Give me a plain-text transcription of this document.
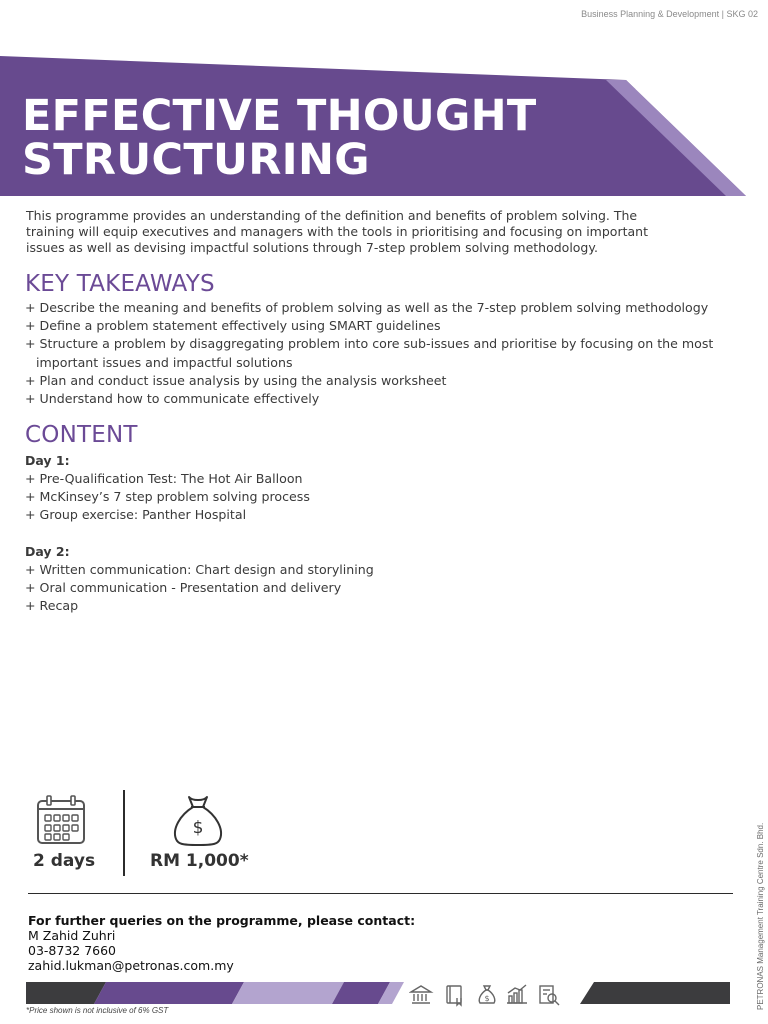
Business Planning & Development | SKG 02
EFFECTIVE THOUGHT
STRUCTURING
This programme provides an understanding of the definition and benefits of problem solving. The training will equip executives and managers with the tools in prioritising and focusing on important issues as well as devising impactful solutions through 7-step problem solving methodology.
KEY TAKEAWAYS
+ Describe the meaning and benefits of problem solving as well as the 7-step problem solving methodology
+ Define a problem statement effectively using SMART guidelines
+ Structure a problem by disaggregating problem into core sub-issues and prioritise by focusing on the most important issues and impactful solutions
+ Plan and conduct issue analysis by using the analysis worksheet
+ Understand how to communicate effectively
CONTENT
Day 1:
+ Pre-Qualification Test: The Hot Air Balloon
+ McKinsey’s 7 step problem solving process
+ Group exercise: Panther Hospital
Day 2:
+ Written communication: Chart design and storylining
+ Oral communication - Presentation and delivery
+ Recap
2 days
$
RM 1,000*
For further queries on the programme, please contact:
M Zahid Zuhri
03-8732 7660
zahid.lukman@petronas.com.my	PETRONAS Management Training Centre Sdn. Bhd.
$
*Price shown is not inclusive of 6% GST
